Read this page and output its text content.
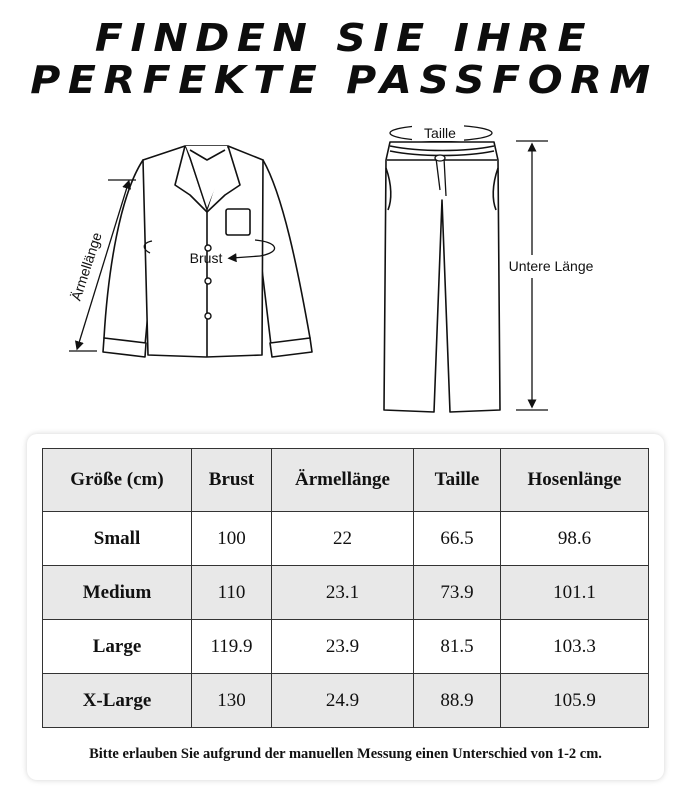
FINDEN SIE IHRE
PERFEKTE PASSFORM
Ärmellänge	Brust
Taille
Untere Länge
Größe (cm)	Brust	Ärmellänge	Taille	Hosenlänge
Small	100	22	66.5	98.6
Medium	110	23.1	73.9	101.1
Large	119.9	23.9	81.5	103.3
X-Large	130	24.9	88.9	105.9
Bitte erlauben Sie aufgrund der manuellen Messung einen Unterschied von 1-2 cm.
